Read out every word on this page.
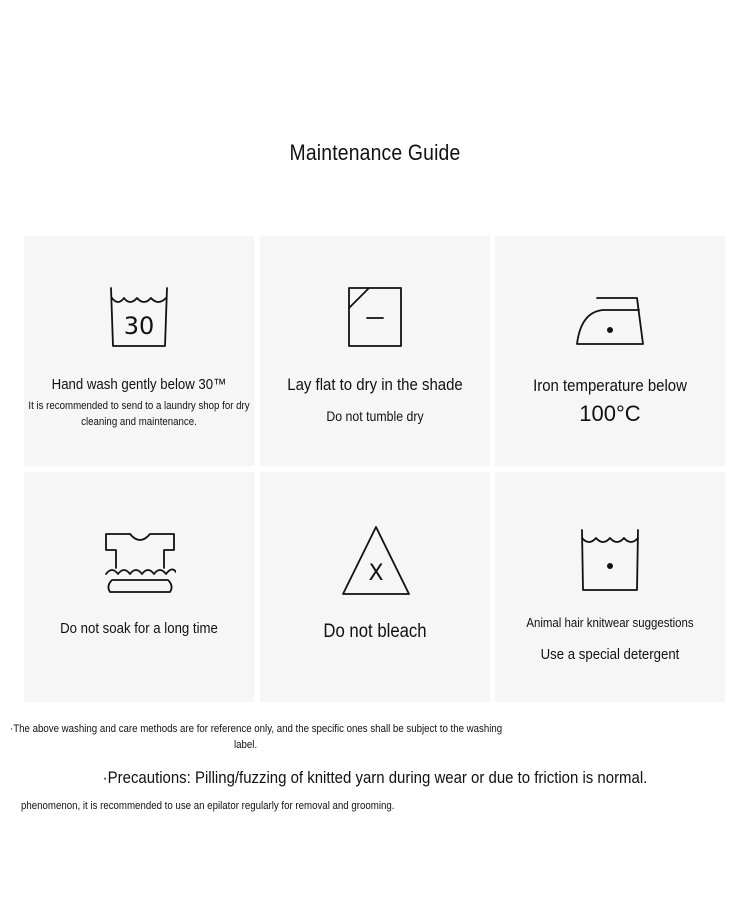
Maintenance Guide
30
Hand wash gently below 30™
It is recommended to send to a laundry shop for dry cleaning and maintenance.
Lay flat to dry in the shade
Do not tumble dry
Iron temperature below
100°C
Do not soak for a long time
X
Do not bleach	Animal hair knitwear suggestions
Use a special detergent
·The above washing and care methods are for reference only, and the specific ones shall be subject to the washing
label.
·Precautions: Pilling/fuzzing of knitted yarn during wear or due to friction is normal.
phenomenon, it is recommended to use an epilator regularly for removal and grooming.
